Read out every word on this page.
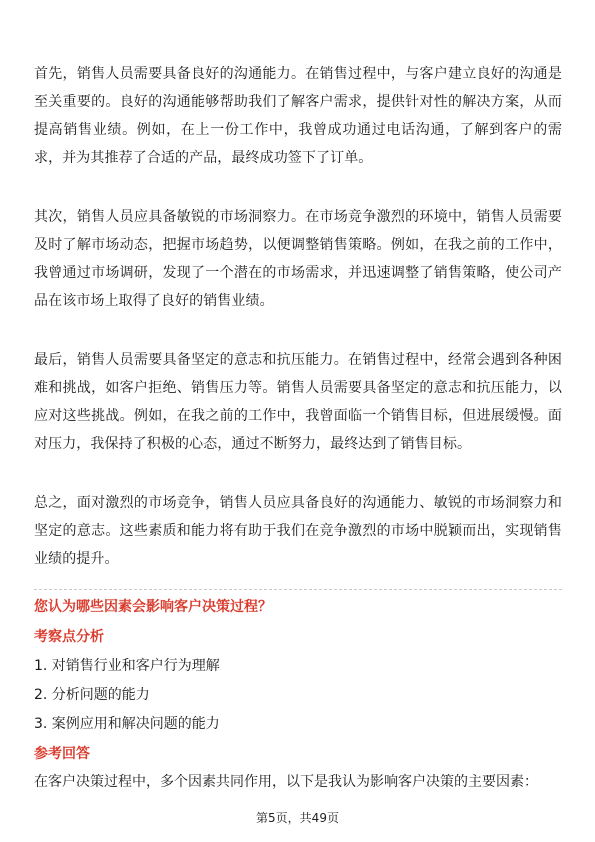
首先，销售人员需要具备良好的沟通能力。在销售过程中，与客户建立良好的沟通是至关重要的。良好的沟通能够帮助我们了解客户需求，提供针对性的解决方案，从而提高销售业绩。例如，在上一份工作中，我曾成功通过电话沟通，了解到客户的需求，并为其推荐了合适的产品，最终成功签下了订单。

其次，销售人员应具备敏锐的市场洞察力。在市场竞争激烈的环境中，销售人员需要及时了解市场动态，把握市场趋势，以便调整销售策略。例如，在我之前的工作中，我曾通过市场调研，发现了一个潜在的市场需求，并迅速调整了销售策略，使公司产品在该市场上取得了良好的销售业绩。

最后，销售人员需要具备坚定的意志和抗压能力。在销售过程中，经常会遇到各种困难和挑战，如客户拒绝、销售压力等。销售人员需要具备坚定的意志和抗压能力，以应对这些挑战。例如，在我之前的工作中，我曾面临一个销售目标，但进展缓慢。面对压力，我保持了积极的心态，通过不断努力，最终达到了销售目标。

总之，面对激烈的市场竞争，销售人员应具备良好的沟通能力、敏锐的市场洞察力和坚定的意志。这些素质和能力将有助于我们在竞争激烈的市场中脱颖而出，实现销售业绩的提升。

您认为哪些因素会影响客户决策过程？
考察点分析
1. 对销售行业和客户行为理解
2. 分析问题的能力
3. 案例应用和解决问题的能力
参考回答

在客户决策过程中，多个因素共同作用，以下是我认为影响客户决策的主要因素：

第5页，共49页
